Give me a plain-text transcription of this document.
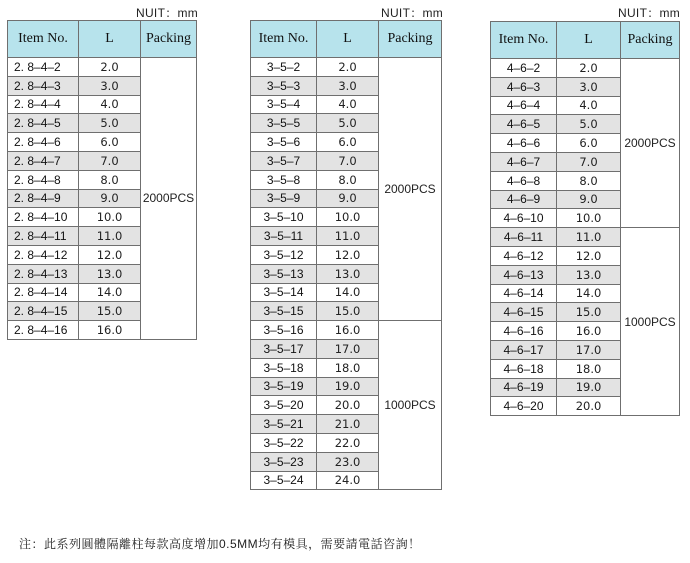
NUIT：mm	NUIT：mm	NUIT：mm
Item No.	L	Packing
2. 8–4–2	2.0	2000PCS
2. 8–4–3	3.0	
2. 8–4–4	4.0	
2. 8–4–5	5.0	
2. 8–4–6	6.0	
2. 8–4–7	7.0	
2. 8–4–8	8.0	
2. 8–4–9	9.0	
2. 8–4–10	10.0	
2. 8–4–11	11.0	
2. 8–4–12	12.0	
2. 8–4–13	13.0	
2. 8–4–14	14.0	
2. 8–4–15	15.0	
2. 8–4–16	16.0	
Item No.	L	Packing
3–5–2	2.0	2000PCS
3–5–3	3.0	
3–5–4	4.0	
3–5–5	5.0	
3–5–6	6.0	
3–5–7	7.0	
3–5–8	8.0	
3–5–9	9.0	
3–5–10	10.0	
3–5–11	11.0	
3–5–12	12.0	
3–5–13	13.0	
3–5–14	14.0	
3–5–15	15.0	
3–5–16	16.0	1000PCS
3–5–17	17.0	
3–5–18	18.0	
3–5–19	19.0	
3–5–20	20.0	
3–5–21	21.0	
3–5–22	22.0	
3–5–23	23.0	
3–5–24	24.0	
Item No.	L	Packing
4–6–2	2.0	2000PCS
4–6–3	3.0	
4–6–4	4.0	
4–6–5	5.0	
4–6–6	6.0	
4–6–7	7.0	
4–6–8	8.0	
4–6–9	9.0	
4–6–10	10.0	
4–6–11	11.0	1000PCS
4–6–12	12.0	
4–6–13	13.0	
4–6–14	14.0	
4–6–15	15.0	
4–6–16	16.0	
4–6–17	17.0	
4–6–18	18.0	
4–6–19	19.0	
4–6–20	20.0	
注：此系列圓體隔離柱每款高度增加0.5MM均有模具，需要請電話咨詢！
